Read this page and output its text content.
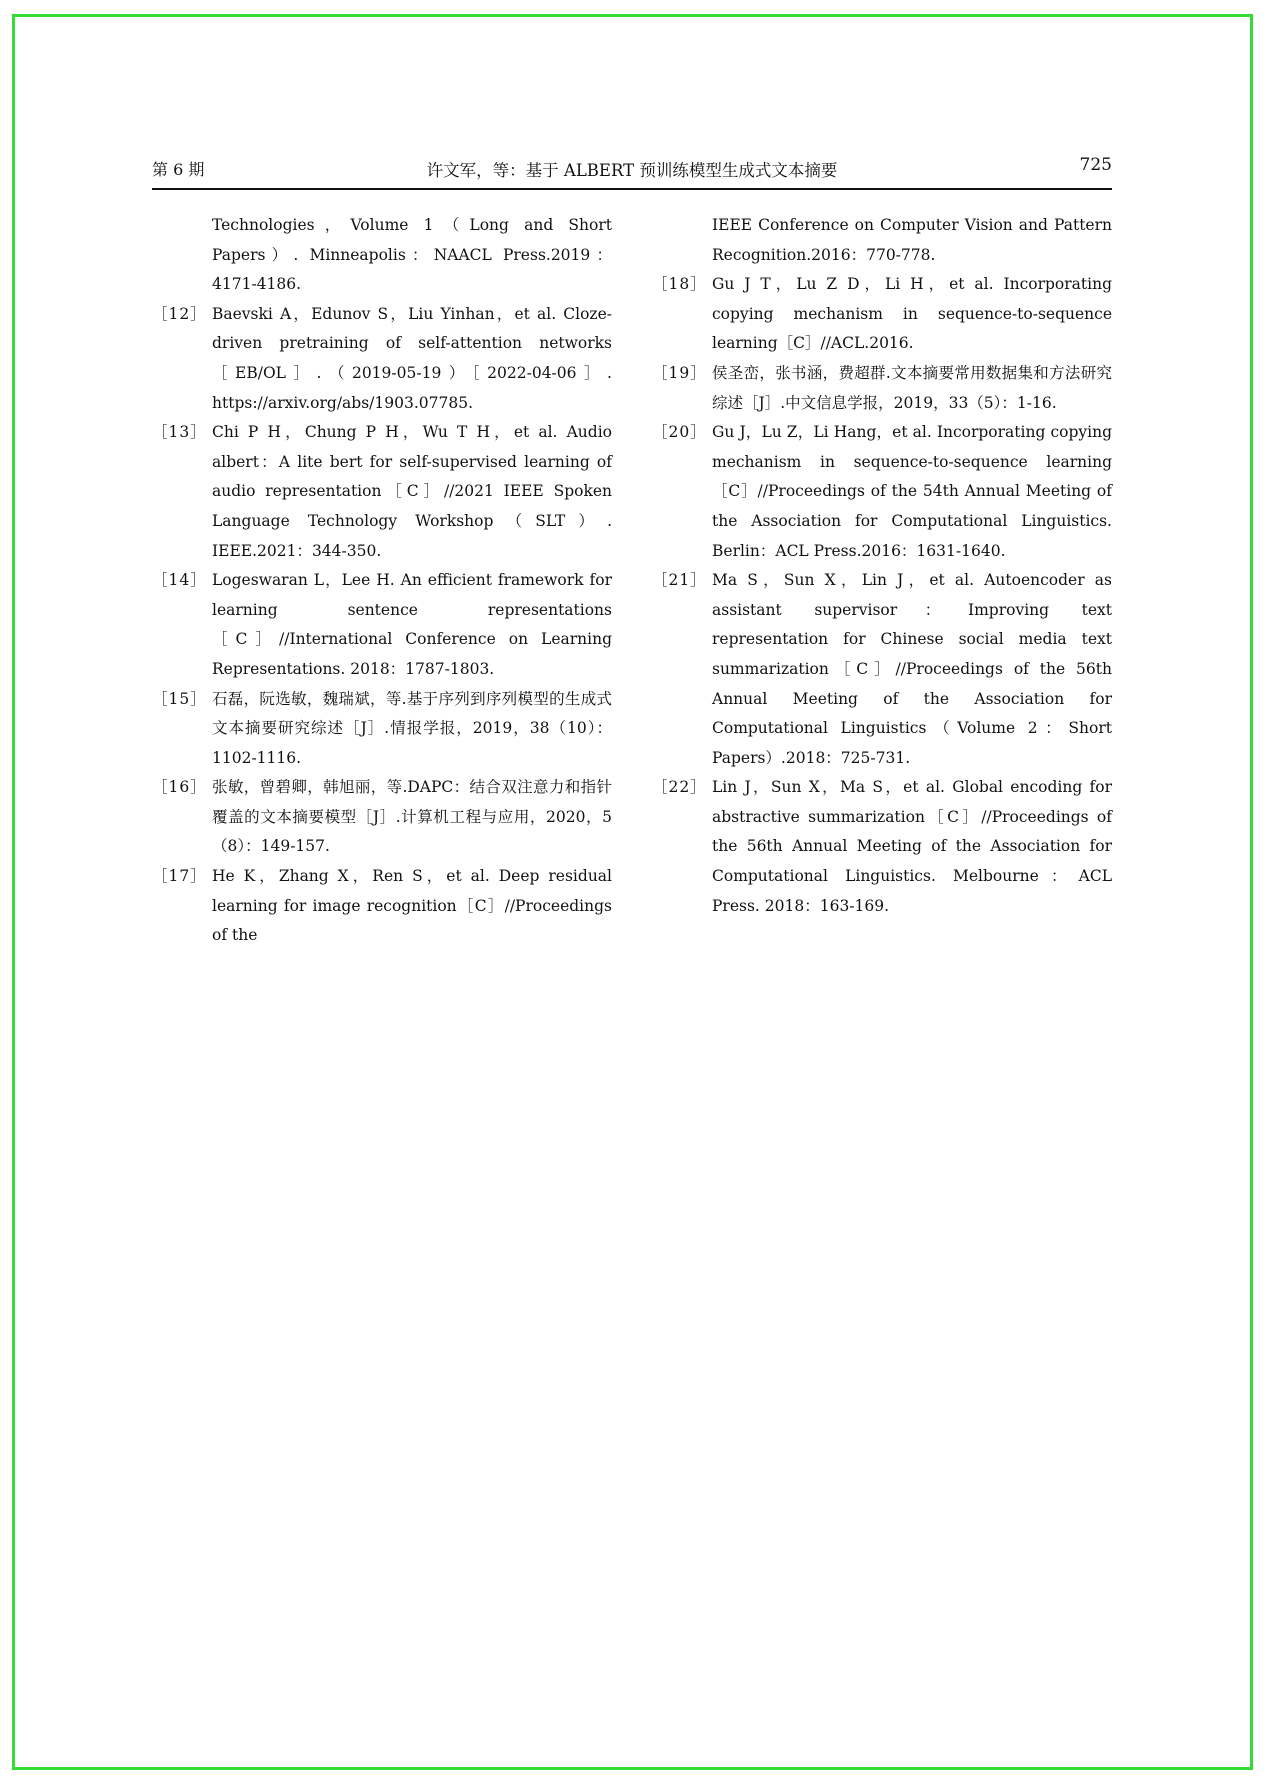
第 6 期	许文军，等：基于 ALBERT 预训练模型生成式文本摘要	725
Technologies，Volume 1（Long and Short Papers）. Minneapolis：NAACL Press.2019：4171-4186.
［12］ Baevski A，Edunov S，Liu Yinhan，et al. Cloze-driven pretraining of self-attention networks［EB/OL］.（2019-05-19）［2022-04-06］. https://arxiv.org/abs/1903.07785.
［13］ Chi P H，Chung P H，Wu T H，et al. Audio albert：A lite bert for self-supervised learning of audio representation［C］//2021 IEEE Spoken Language Technology Workshop（SLT）. IEEE.2021：344-350.
［14］ Logeswaran L，Lee H. An efficient framework for learning sentence representations［C］//International Conference on Learning Representations. 2018：1787-1803.
［15］ 石磊，阮选敏，魏瑞斌，等.基于序列到序列模型的生成式文本摘要研究综述［J］.情报学报，2019，38（10）：1102-1116.
［16］ 张敏，曾碧卿，韩旭丽，等.DAPC：结合双注意力和指针覆盖的文本摘要模型［J］.计算机工程与应用，2020，5（8）：149-157.
［17］ He K，Zhang X，Ren S，et al. Deep residual learning for image recognition［C］//Proceedings of the
IEEE Conference on Computer Vision and Pattern Recognition.2016：770-778.
［18］ Gu J T，Lu Z D，Li H，et al. Incorporating copying mechanism in sequence-to-sequence learning［C］//ACL.2016.
［19］ 侯圣峦，张书涵，费超群.文本摘要常用数据集和方法研究综述［J］.中文信息学报，2019，33（5）：1-16.
［20］ Gu J，Lu Z，Li Hang，et al. Incorporating copying mechanism in sequence-to-sequence learning［C］//Proceedings of the 54th Annual Meeting of the Association for Computational Linguistics. Berlin：ACL Press.2016：1631-1640.
［21］ Ma S，Sun X，Lin J，et al. Autoencoder as assistant supervisor：Improving text representation for Chinese social media text summarization［C］//Proceedings of the 56th Annual Meeting of the Association for Computational Linguistics（Volume 2：Short Papers）.2018：725-731.
［22］ Lin J，Sun X，Ma S，et al. Global encoding for abstractive summarization［C］//Proceedings of the 56th Annual Meeting of the Association for Computational Linguistics. Melbourne：ACL Press. 2018：163-169.
